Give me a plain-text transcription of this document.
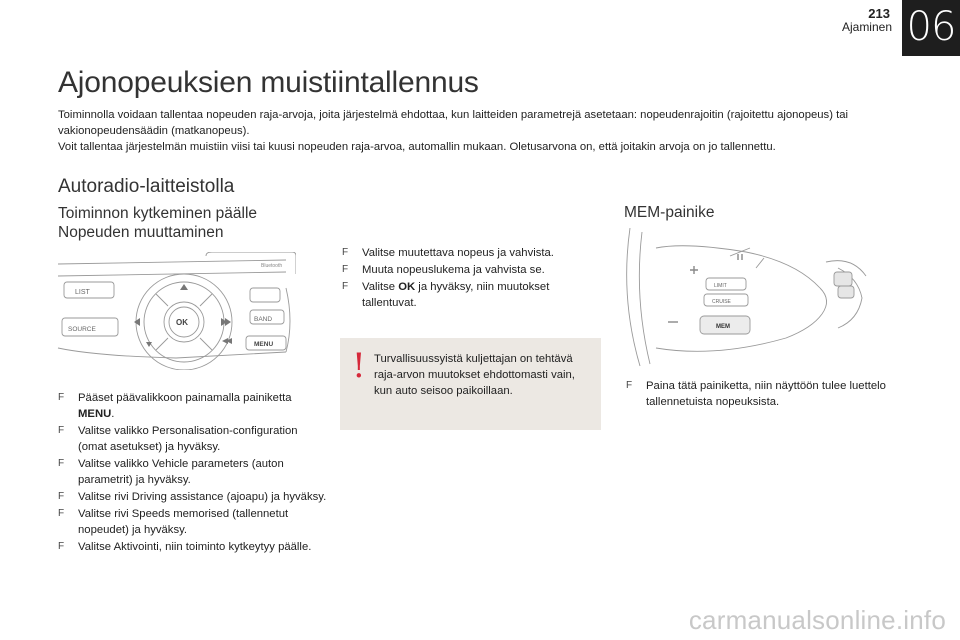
213
Ajaminen 06
Ajonopeuksien muistiintallennus

Toiminnolla voidaan tallentaa nopeuden raja-arvoja, joita järjestelmä ehdottaa, kun laitteiden parametrejä asetetaan: nopeudenrajoitin (rajoitettu ajonopeus) tai vakionopeudensäädin (matkanopeus).

Voit tallentaa järjestelmän muistiin viisi tai kuusi nopeuden raja-arvoa, automallin mukaan. Oletusarvona on, että joitakin arvoja on jo tallennettu.

Autoradio-laitteistolla
Toiminnon kytkeminen päälle
Nopeuden muuttaminen
MEM-painike
LIST
SOURCE
OK	BAND
MENU
Bluetooth
F Pääset päävalikkoon painamalla painiketta MENU.
F Valitse valikko Personalisation-configuration (omat asetukset) ja hyväksy.
F Valitse valikko Vehicle parameters (auton parametrit) ja hyväksy.
F Valitse rivi Driving assistance (ajoapu) ja hyväksy.
F Valitse rivi Speeds memorised (tallennetut nopeudet) ja hyväksy.
F Valitse Aktivointi, niin toiminto kytkeytyy päälle.
F Valitse muutettava nopeus ja vahvista.
F Muuta nopeuslukema ja vahvista se.
F Valitse OK ja hyväksy, niin muutokset tallentuvat.
! Turvallisuussyistä kuljettajan on tehtävä raja-arvon muutokset ehdottomasti vain, kun auto seisoo paikoillaan.
LIMIT
CRUISE
MEM
F Paina tätä painiketta, niin näyttöön tulee luettelo tallennetuista nopeuksista.
carmanualsonline.info
